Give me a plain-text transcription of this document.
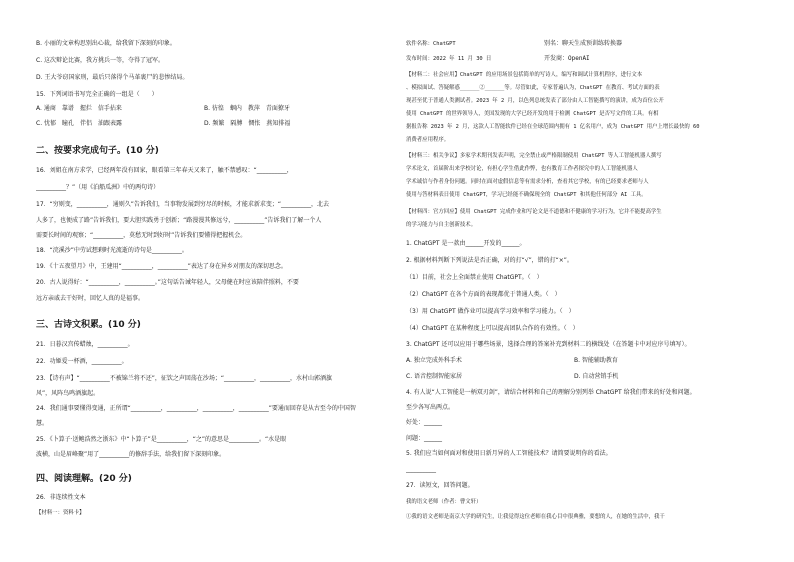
B. 小丽的文章构思别出心裁，给我留下深刻的印象。
C. 这次辩论比赛，我方挑兵一等，夺得了冠军。
D. 王大爷窃国家刑，最后只落得个马革裹尸的悲惨结局。
15．下列词语书写完全正确的一组是（　　）
A. 通商　靠谱　握拦　信手拈来	B. 彷徨　蝈内　教萍　青面獠牙
C. 忧郁　瞳孔　伴侣　油跟表露	D. 频繁　隔膊　惆怅　燕知排福
二、按要求完成句子。(10 分)
16．刘姐在南方求学，已经两年没有回家，眼看第三年春天又来了，触不禁感叹：“__________，
__________？”（用《泊船瓜洲》中的两句诗）
17．“穷则变，__________，通则久”告诉我们，当事物发展到穷尽的时候，才能求新求变；“__________，北去
人多了，也便成了路”告诉我们，要大胆实践勇于创新；“路漫漫其修远兮，__________”告诉我们了解一个人
需要长时间的观察；“__________，莫愁无时到好时”告诉我们要懂得把握机会。
18．“浣溪沙”中劳试想剩时光流逝的诗句是__________。
19．《十五夜望月》中，王建用“__________，__________”表达了身在异乡对朋友的深切思念。
20．古人说得好：“__________，__________。”这句话告诫年轻人，父母健在时应该陪伴照料，不要
远方亲戚去干好时，回忆人真的是福事。
三、古诗文积累。(10 分)
21．日暮汉宫传蜡烛，__________。
22．功姬爱一杯酒，__________。
23．【诗有声】“__________不被锦兰将不还”，征饮之声回荡在沙场；“__________，__________，水村山郭酒旗
风”，风阵鸟鸣酒旗起。
24．我们通事要懂得变通，正所谓“__________，__________，__________，__________”要通而回存是从古至今的中国智
慧。
25．《卜算子·送鲍浩然之浙东》中“卜算子”是__________，“之”的意思是__________。“水是眼
波横，山是眉峰聚”用了__________的修辞手法，给我们留下深刻印象。
四、阅读理解。(20 分)
26．非连续性文本
【材料一：资料卡】
软件名称：ChatGPT	别名：聊天生成预训练转换器
发布时间：2022 年 11 月 30 日	开发商：OpenAI
【材料二：社会应用】ChatGPT 的应用场景包括简单的写诗人，编写和调试计算机程序，进行文本
、模拟面试、答疑解惑______②______等。尽管如此，专家普遍认为，ChatGPT 在教育、考试方面的表
现甚至优于普通人类测试者。2023 年 2 月，以色列总统发表了部分由人工智能撰写的演讲，成为首位公开
使用 ChatGPT 的世界领导人，美国发现的大学已经开发的用于检测 ChatGPT 是否写文件的工具。有相
据报告称 2023 年 2 月，这款人工智能软件已经在全球范围内拥有 1 亿名用户，成为 ChatGPT 用户上增长最快的 60
消费者应用程序。
【材料三：相关争议】多家学术期刊发表声明，完全禁止或严格限制使用 ChatGPT 等人工智能机器人撰写
学术论文，首届阶出来学校讨论，有担心学生借此作弊，也有教育工作者探究中的人工智能机器人
学术诚信与作者身份问题。同时在面对虚假信息等有需求分析，查看其它学校，有的已经要求老师与人
使用与答材料表日使用 ChatGPT，学习已经能不确保现全的 ChatGPT 和其他任何部分 AI 工具。
【材料四：官方回应】使用 ChatGPT 完成作业和写论文是不道德和不健康的学习行为，它并不能提高学生
的学习能力与自主创新技术。
1. ChatGPT 是一款由______开发的______。
2. 根据材料判断下列说法是否正确，对的打“√”，错的打“×”。
（1）目前，社会上全面禁止使用 ChatGPT。（　）
（2）ChatGPT 在各个方面的表现都优于普通人类。（　）
（3）用 ChatGPT 做作业可以提高学习效率和学习能力。（　）
（4）ChatGPT 在某种程度上可以提高团队合作的有效性。（　）
3. ChatGPT 还可以应用于哪些场景，选择合理的答案补充到材料二的横线处（在答题卡中对应序号填写）。
A. 独立完成外科手术	B. 智能辅助教育
C. 语音控制智能家居	D. 自动营销手机
4. 有人说“人工智能是一柄双刃剑”，请结合材料和自己的理解分别列举 ChatGPT 给我们带来的好处和问题。
至少各写出两点。
好处：______
问题：______
5. 我们应当如何面对和使用日新月异的人工智能技术？请简要说明你的看法。
__________
27．读短文，回答问题。
我的语文老师（作者：曹文轩）
①我的语文老师是南京大学的研究生，让我觉得这位老师在我心目中很典雅，要想的人，在她的生活中，我干
